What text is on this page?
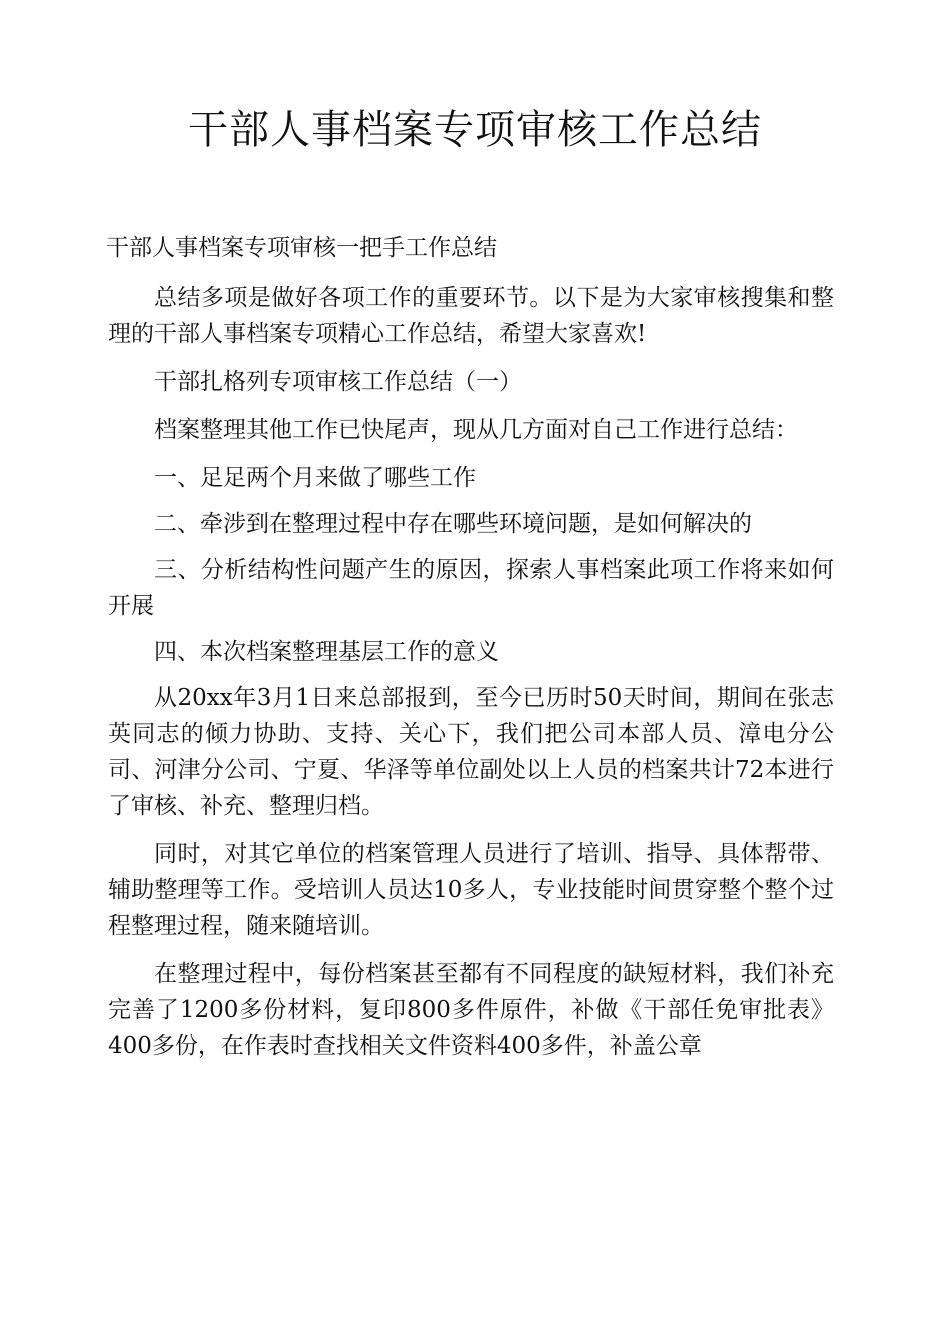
干部人事档案专项审核工作总结

干部人事档案专项审核一把手工作总结

总结多项是做好各项工作的重要环节。以下是为大家审核搜集和整理的干部人事档案专项精心工作总结，希望大家喜欢!

干部扎格列专项审核工作总结（一）

档案整理其他工作已快尾声，现从几方面对自己工作进行总结：

一、足足两个月来做了哪些工作

二、牵涉到在整理过程中存在哪些环境问题，是如何解决的

三、分析结构性问题产生的原因，探索人事档案此项工作将来如何开展

四、本次档案整理基层工作的意义

从20xx年3月1日来总部报到，至今已历时50天时间，期间在张志英同志的倾力协助、支持、关心下，我们把公司本部人员、漳电分公司、河津分公司、宁夏、华泽等单位副处以上人员的档案共计72本进行了审核、补充、整理归档。

同时，对其它单位的档案管理人员进行了培训、指导、具体帮带、辅助整理等工作。受培训人员达10多人，专业技能时间贯穿整个整个过程整理过程，随来随培训。

在整理过程中，每份档案甚至都有不同程度的缺短材料，我们补充完善了1200多份材料，复印800多件原件，补做《干部任免审批表》400多份，在作表时查找相关文件资料400多件，补盖公章
